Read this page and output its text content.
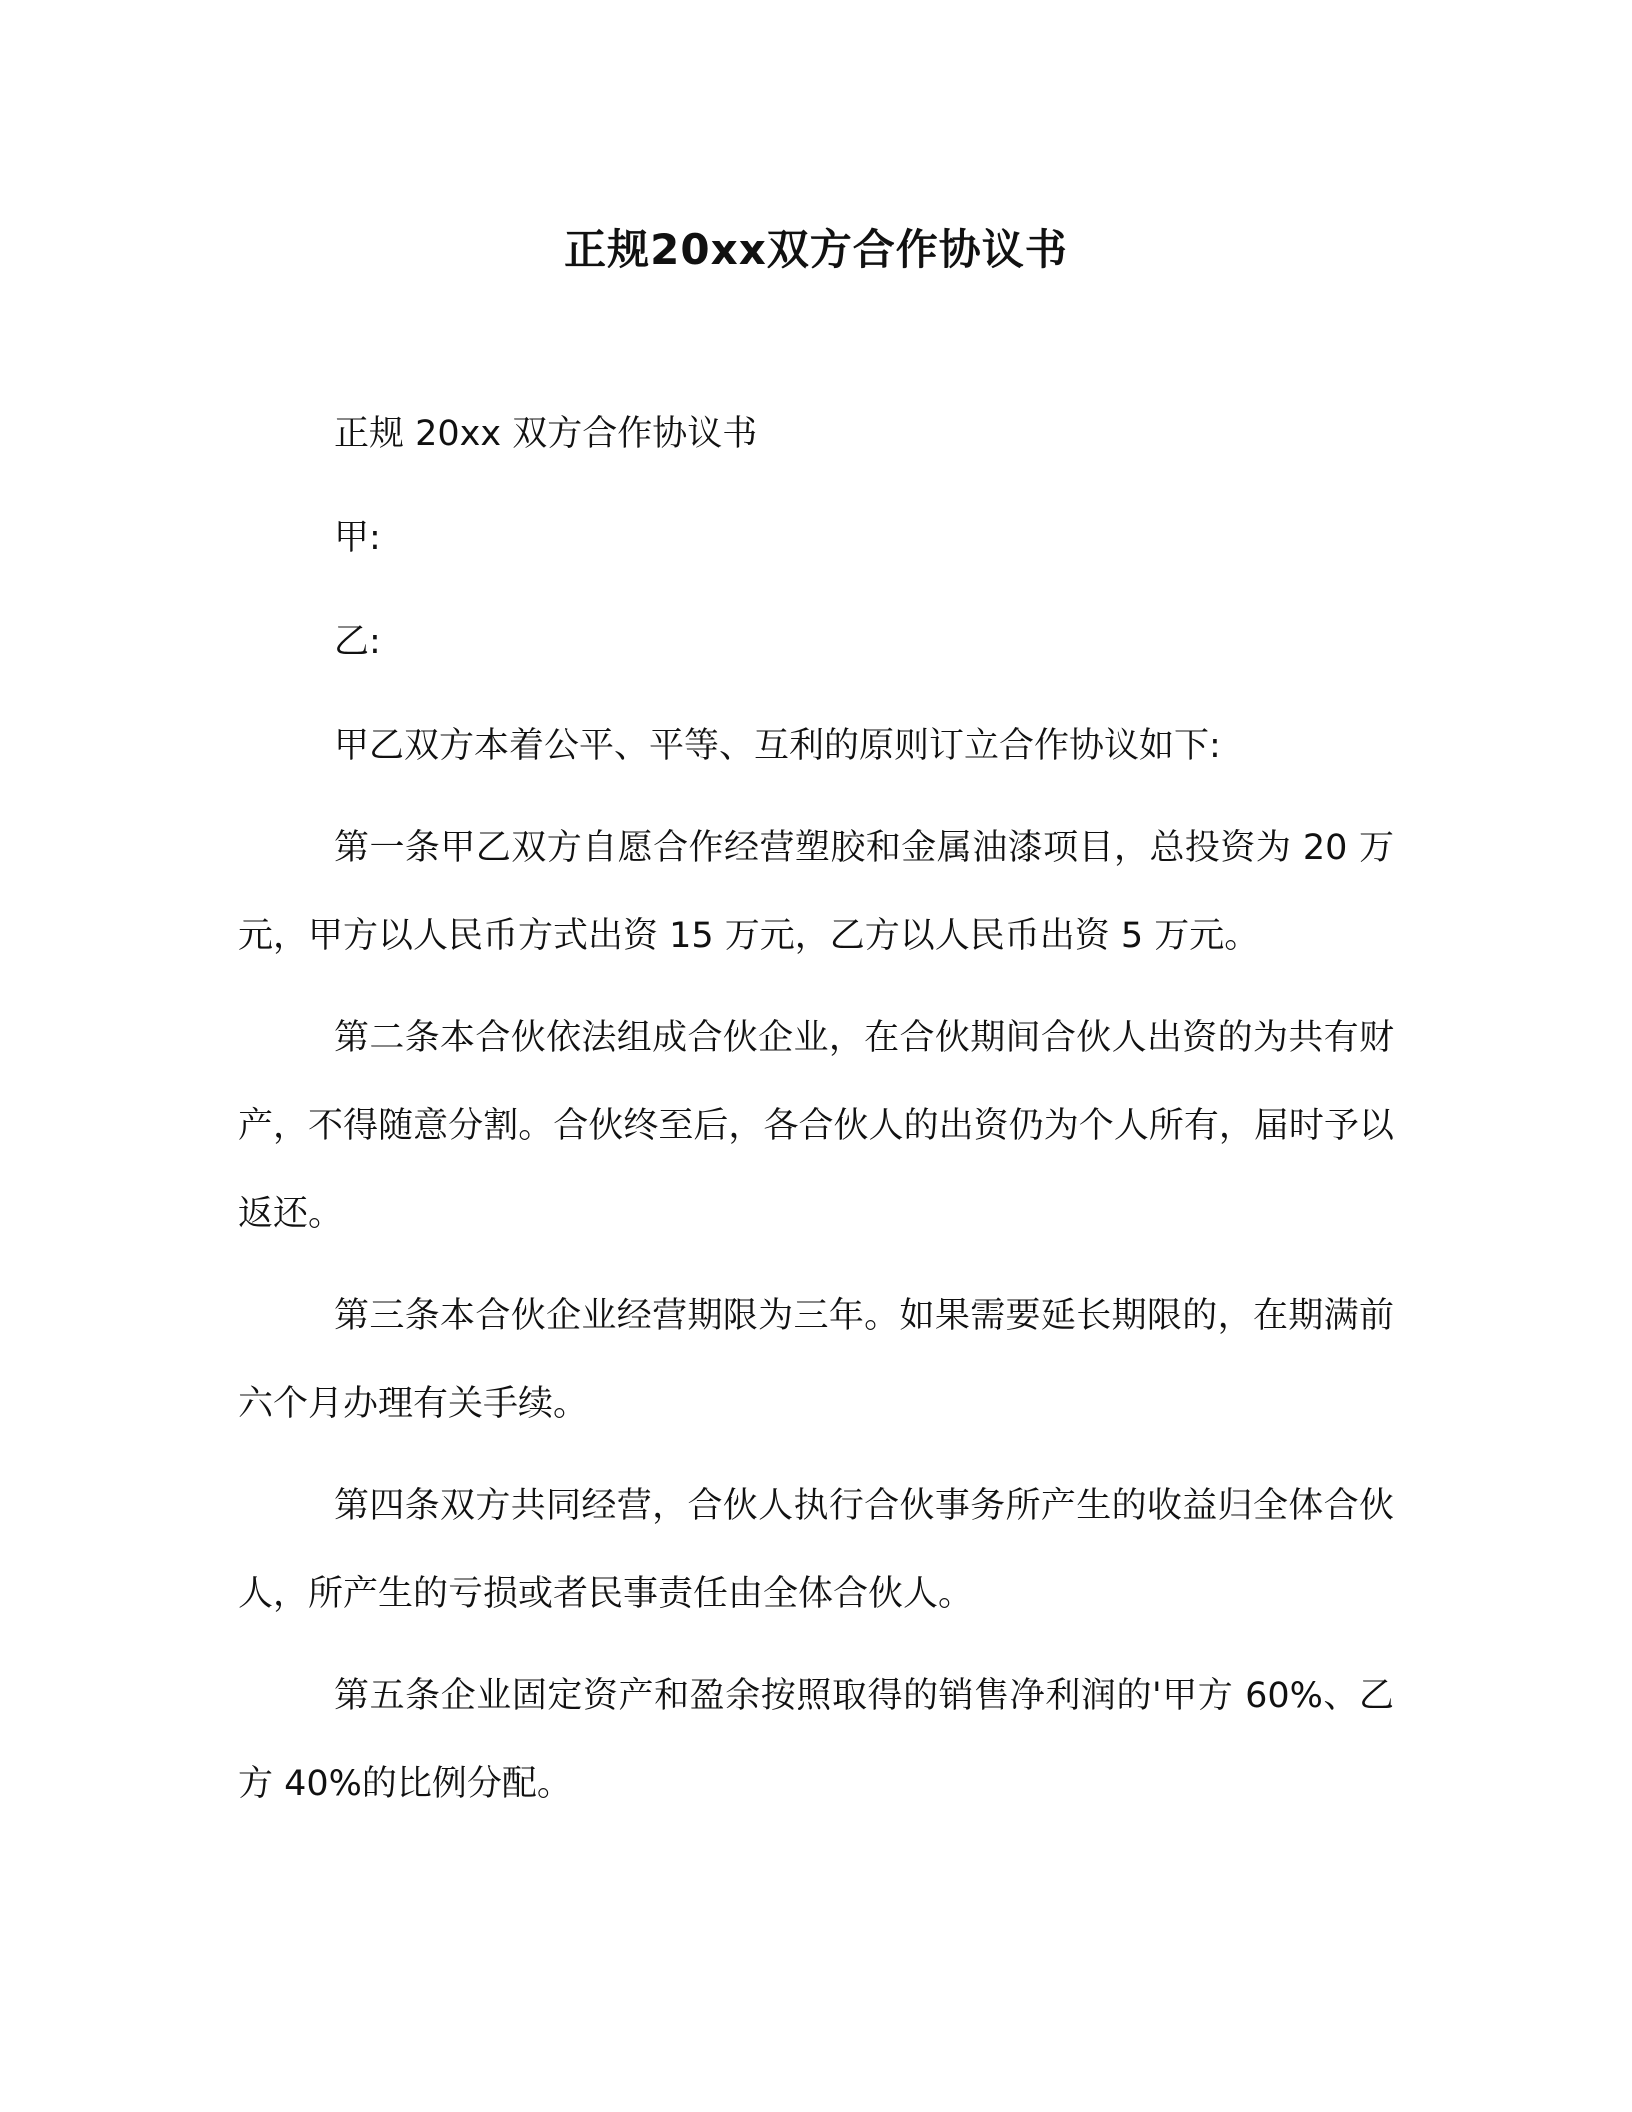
正规20xx双方合作协议书

正规 20xx 双方合作协议书

甲:

乙:

甲乙双方本着公平、平等、互利的原则订立合作协议如下:

第一条甲乙双方自愿合作经营塑胶和金属油漆项目，总投资为 20 万元，甲方以人民币方式出资 15 万元，乙方以人民币出资 5 万元。

第二条本合伙依法组成合伙企业，在合伙期间合伙人出资的为共有财产，不得随意分割。合伙终至后，各合伙人的出资仍为个人所有，届时予以返还。

第三条本合伙企业经营期限为三年。如果需要延长期限的，在期满前六个月办理有关手续。

第四条双方共同经营，合伙人执行合伙事务所产生的收益归全体合伙人，所产生的亏损或者民事责任由全体合伙人。

第五条企业固定资产和盈余按照取得的销售净利润的'甲方 60%、乙方 40%的比例分配。
